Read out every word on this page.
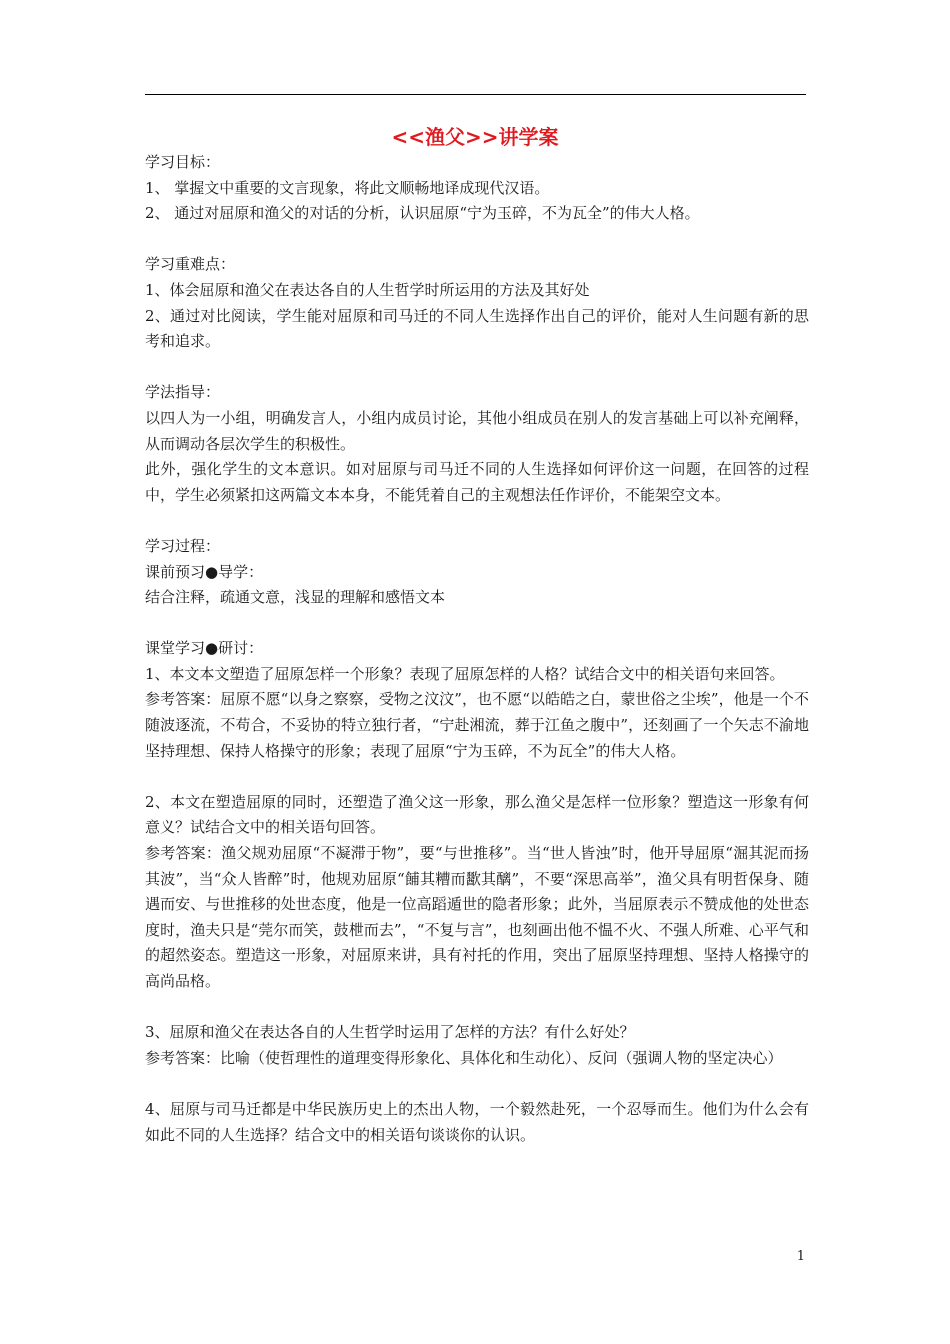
<<渔父>>讲学案

学习目标：

1、 掌握文中重要的文言现象，将此文顺畅地译成现代汉语。

2、 通过对屈原和渔父的对话的分析，认识屈原“宁为玉碎，不为瓦全”的伟大人格。

学习重难点：

1、体会屈原和渔父在表达各自的人生哲学时所运用的方法及其好处

2、通过对比阅读，学生能对屈原和司马迁的不同人生选择作出自己的评价，能对人生问题有新的思考和追求。

学法指导：

以四人为一小组，明确发言人，小组内成员讨论，其他小组成员在别人的发言基础上可以补充阐释，从而调动各层次学生的积极性。

此外，强化学生的文本意识。如对屈原与司马迁不同的人生选择如何评价这一问题，在回答的过程中，学生必须紧扣这两篇文本本身，不能凭着自己的主观想法任作评价，不能架空文本。

学习过程：

课前预习●导学：

结合注释，疏通文意，浅显的理解和感悟文本

课堂学习●研讨：

1、本文本文塑造了屈原怎样一个形象？表现了屈原怎样的人格？试结合文中的相关语句来回答。

参考答案：屈原不愿“以身之察察，受物之汶汶”，也不愿“以皓皓之白，蒙世俗之尘埃”，他是一个不随波逐流，不苟合，不妥协的特立独行者，“宁赴湘流，葬于江鱼之腹中”，还刻画了一个矢志不渝地坚持理想、保持人格操守的形象；表现了屈原“宁为玉碎，不为瓦全”的伟大人格。

2、本文在塑造屈原的同时，还塑造了渔父这一形象，那么渔父是怎样一位形象？塑造这一形象有何意义？试结合文中的相关语句回答。

参考答案：渔父规劝屈原“不凝滞于物”，要“与世推移”。当“世人皆浊”时，他开导屈原“淈其泥而扬其波”，当“众人皆醉”时，他规劝屈原“餔其糟而歠其醨”，不要“深思高举”，渔父具有明哲保身、随遇而安、与世推移的处世态度，他是一位高蹈遁世的隐者形象；此外，当屈原表示不赞成他的处世态度时，渔夫只是“莞尔而笑，鼓枻而去”，“不复与言”，也刻画出他不愠不火、不强人所难、心平气和的超然姿态。塑造这一形象，对屈原来讲，具有衬托的作用，突出了屈原坚持理想、坚持人格操守的高尚品格。

3、屈原和渔父在表达各自的人生哲学时运用了怎样的方法？有什么好处？

参考答案：比喻（使哲理性的道理变得形象化、具体化和生动化）、反问（强调人物的坚定决心）

4、屈原与司马迁都是中华民族历史上的杰出人物，一个毅然赴死，一个忍辱而生。他们为什么会有如此不同的人生选择？结合文中的相关语句谈谈你的认识。

1
